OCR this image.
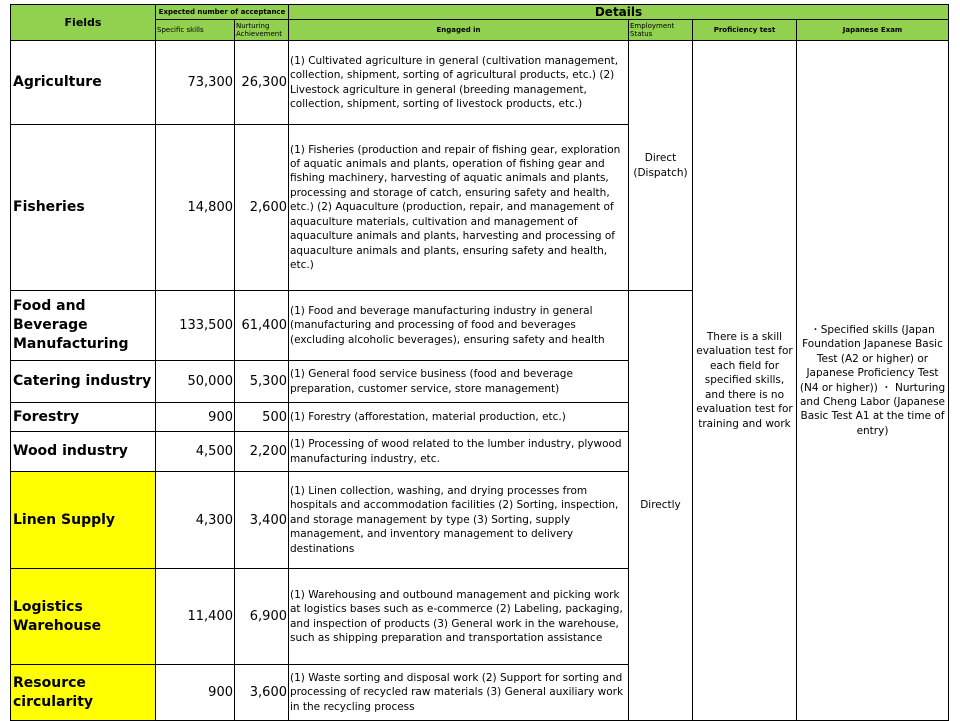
Fields	Expected number of acceptance		Details			
	Specific skills	Nurturing Achievement	Engaged in	Employment Status	Proficiency test	Japanese Exam
Agriculture	73,300	26,300	(1) Cultivated agriculture in general (cultivation management, collection, shipment, sorting of agricultural products, etc.) (2) Livestock agriculture in general (breeding management, collection, shipment, sorting of livestock products, etc.)	Direct (Dispatch)	There is a skill evaluation test for each field for specified skills, and there is no evaluation test for training and work	・Specified skills (Japan Foundation Japanese Basic Test (A2 or higher) or Japanese Proficiency Test (N4 or higher)) ・ Nurturing and Cheng Labor (Japanese Basic Test A1 at the time of entry)
Fisheries	14,800	2,600	(1) Fisheries (production and repair of fishing gear, exploration of aquatic animals and plants, operation of fishing gear and fishing machinery, harvesting of aquatic animals and plants, processing and storage of catch, ensuring safety and health, etc.) (2) Aquaculture (production, repair, and management of aquaculture materials, cultivation and management of aquaculture animals and plants, harvesting and processing of aquaculture animals and plants, ensuring safety and health, etc.)			
Food and Beverage Manufacturing	133,500	61,400	(1) Food and beverage manufacturing industry in general (manufacturing and processing of food and beverages (excluding alcoholic beverages), ensuring safety and health	Directly		
Catering industry	50,000	5,300	(1) General food service business (food and beverage preparation, customer service, store management)			
Forestry	900	500	(1) Forestry (afforestation, material production, etc.)			
Wood industry	4,500	2,200	(1) Processing of wood related to the lumber industry, plywood manufacturing industry, etc.			
Linen Supply	4,300	3,400	(1) Linen collection, washing, and drying processes from hospitals and accommodation facilities (2) Sorting, inspection, and storage management by type (3) Sorting, supply management, and inventory management to delivery destinations			
Logistics Warehouse	11,400	6,900	(1) Warehousing and outbound management and picking work at logistics bases such as e-commerce (2) Labeling, packaging, and inspection of products (3) General work in the warehouse, such as shipping preparation and transportation assistance			
Resource circularity	900	3,600	(1) Waste sorting and disposal work (2) Support for sorting and processing of recycled raw materials (3) General auxiliary work in the recycling process			
